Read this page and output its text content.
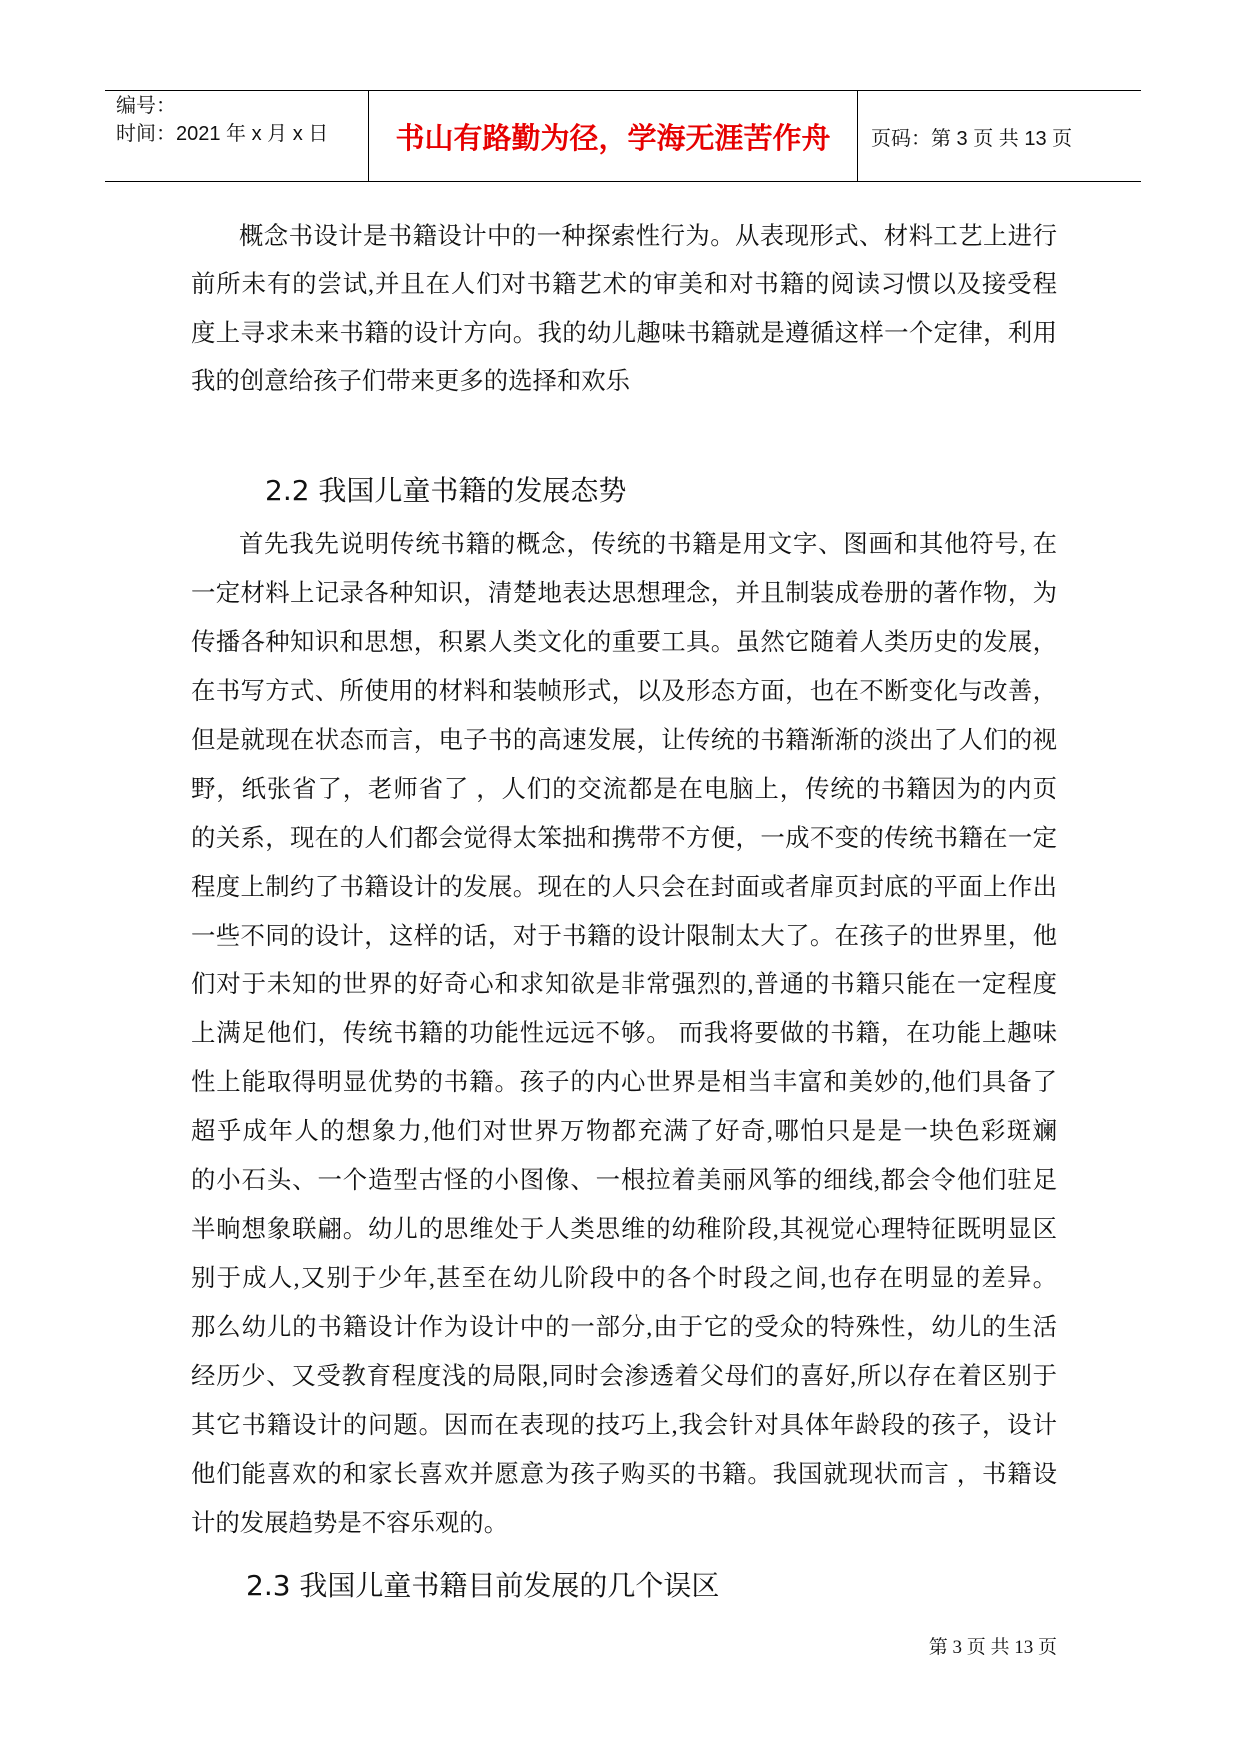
编号：
时间：2021 年 x 月 x 日	书山有路勤为径，学海无涯苦作舟 页码：第 3 页 共 13 页
概念书设计是书籍设计中的一种探索性行为。从表现形式、材料工艺上进行
前所未有的尝试,并且在人们对书籍艺术的审美和对书籍的阅读习惯以及接受程
度上寻求未来书籍的设计方向。我的幼儿趣味书籍就是遵循这样一个定律，利用
我的创意给孩子们带来更多的选择和欢乐
2.2 我国儿童书籍的发展态势
首先我先说明传统书籍的概念，传统的书籍是用文字、图画和其他符号, 在
一定材料上记录各种知识，清楚地表达思想理念，并且制装成卷册的著作物，为
传播各种知识和思想，积累人类文化的重要工具。虽然它随着人类历史的发展，
在书写方式、所使用的材料和装帧形式，以及形态方面，也在不断变化与改善，
但是就现在状态而言，电子书的高速发展，让传统的书籍渐渐的淡出了人们的视
野，纸张省了，老师省了 ，人们的交流都是在电脑上，传统的书籍因为的内页
的关系，现在的人们都会觉得太笨拙和携带不方便，一成不变的传统书籍在一定
程度上制约了书籍设计的发展。现在的人只会在封面或者扉页封底的平面上作出
一些不同的设计，这样的话，对于书籍的设计限制太大了。在孩子的世界里，他
们对于未知的世界的好奇心和求知欲是非常强烈的,普通的书籍只能在一定程度
上满足他们，传统书籍的功能性远远不够。 而我将要做的书籍，在功能上趣味
性上能取得明显优势的书籍。孩子的内心世界是相当丰富和美妙的,他们具备了
超乎成年人的想象力,他们对世界万物都充满了好奇,哪怕只是是一块色彩斑斓
的小石头、一个造型古怪的小图像、一根拉着美丽风筝的细线,都会令他们驻足
半晌想象联翩。幼儿的思维处于人类思维的幼稚阶段,其视觉心理特征既明显区
别于成人,又别于少年,甚至在幼儿阶段中的各个时段之间,也存在明显的差异。
那么幼儿的书籍设计作为设计中的一部分,由于它的受众的特殊性，幼儿的生活
经历少、又受教育程度浅的局限,同时会渗透着父母们的喜好,所以存在着区别于
其它书籍设计的问题。因而在表现的技巧上,我会针对具体年龄段的孩子，设计
他们能喜欢的和家长喜欢并愿意为孩子购买的书籍。我国就现状而言 ，书籍设
计的发展趋势是不容乐观的。
2.3 我国儿童书籍目前发展的几个误区
第 3 页 共 13 页
